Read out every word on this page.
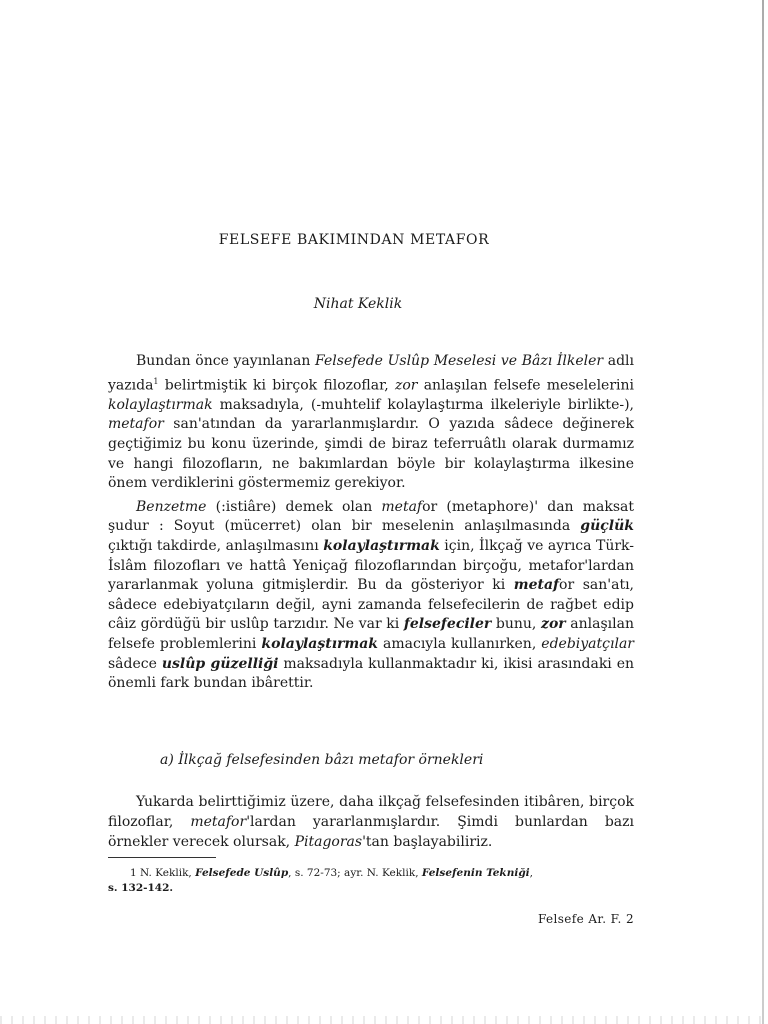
FELSEFE BAKIMINDAN METAFOR
Nihat Keklik

Bundan önce yayınlanan Felsefede Uslûp Meselesi ve Bâzı İlkeler adlı yazıda$^1$ belirtmiştik ki birçok filozoflar, zor anlaşılan felsefe meselelerini kolaylaştırmak maksadıyla, (-muhtelif kolaylaştırma ilkeleriyle birlikte-), metafor san'atından da yararlanmışlardır. O yazıda sâdece değinerek geçtiğimiz bu konu üzerinde, şimdi de biraz teferruâtlı olarak durmamız ve hangi filozofların, ne bakımlardan böyle bir kolaylaştırma ilkesine önem verdiklerini göstermemiz gerekiyor.

Benzetme (:istiâre) demek olan metafor (metaphore)' dan maksat şudur : Soyut (mücerret) olan bir meselenin anlaşılmasında güçlük çıktığı takdirde, anlaşılmasını kolaylaştırmak için, İlkçağ ve ayrıca Türk-İslâm filozofları ve hattâ Yeniçağ filozoflarından birçoğu, metafor'lardan yararlanmak yoluna gitmişlerdir. Bu da gösteriyor ki metafor san'atı, sâdece edebiyatçıların değil, ayni zamanda felsefecilerin de rağbet edip câiz gördüğü bir uslûp tarzıdır. Ne var ki felsefeciler bunu, zor anlaşılan felsefe problemlerini kolaylaştırmak amacıyla kullanırken, edebiyatçılar sâdece uslûp güzelliği maksadıyla kullanmaktadır ki, ikisi arasındaki en önemli fark bundan ibârettir.

a) İlkçağ felsefesinden bâzı metafor örnekleri

Yukarda belirttiğimiz üzere, daha ilkçağ felsefesinden itibâren, birçok filozoflar, metafor'lardan yararlanmışlardır. Şimdi bunlardan bazı örnekler verecek olursak, Pitagoras'tan başlayabiliriz.

1 N. Keklik, Felsefede Uslûp, s. 72-73; ayr. N. Keklik, Felsefenin Tekniği,
s. 132-142.
Felsefe Ar. F. 2
